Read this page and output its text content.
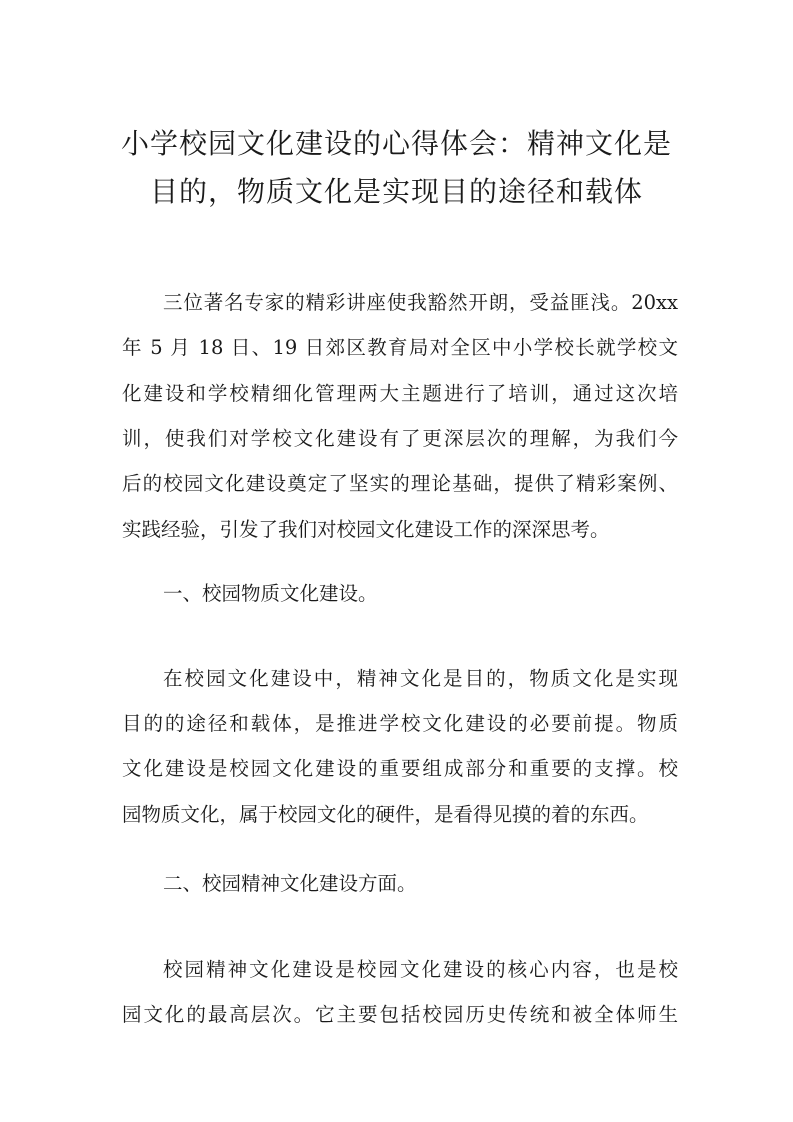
小学校园文化建设的心得体会：精神文化是
目的，物质文化是实现目的途径和载体
三位著名专家的精彩讲座使我豁然开朗，受益匪浅。20xx
年 5 月 18 日、19 日郊区教育局对全区中小学校长就学校文
化建设和学校精细化管理两大主题进行了培训，通过这次培
训，使我们对学校文化建设有了更深层次的理解，为我们今
后的校园文化建设奠定了坚实的理论基础，提供了精彩案例、
实践经验，引发了我们对校园文化建设工作的深深思考。
一、校园物质文化建设。
在校园文化建设中，精神文化是目的，物质文化是实现
目的的途径和载体，是推进学校文化建设的必要前提。物质
文化建设是校园文化建设的重要组成部分和重要的支撑。校
园物质文化，属于校园文化的硬件，是看得见摸的着的东西。
二、校园精神文化建设方面。
校园精神文化建设是校园文化建设的核心内容，也是校
园文化的最高层次。它主要包括校园历史传统和被全体师生
